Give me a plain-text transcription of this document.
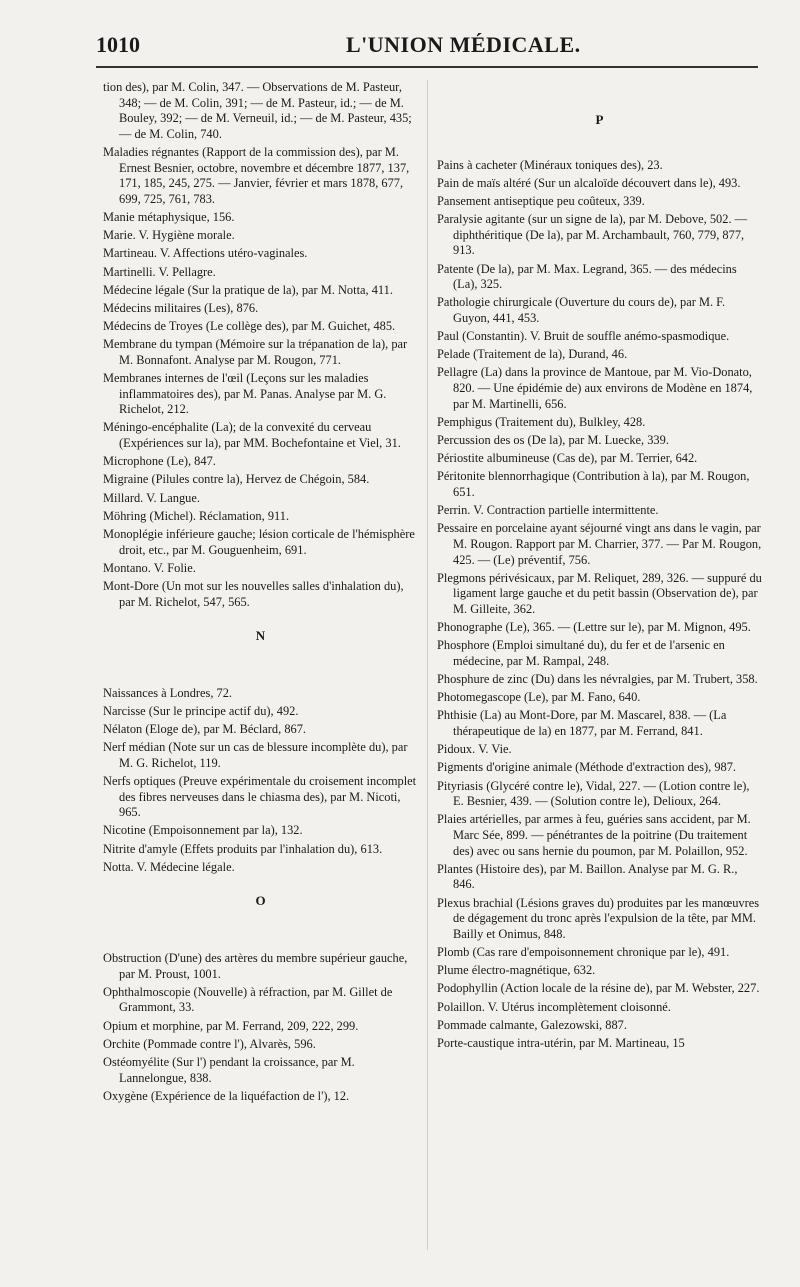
1010	L'UNION MÉDICALE.

tion des), par M. Colin, 347. — Observations de M. Pasteur, 348; — de M. Colin, 391; — de M. Pasteur, id.; — de M. Bouley, 392; — de M. Verneuil, id.; — de M. Pasteur, 435; — de M. Colin, 740.

Maladies régnantes (Rapport de la commission des), par M. Ernest Besnier, octobre, novembre et décembre 1877, 137, 171, 185, 245, 275. — Janvier, février et mars 1878, 677, 699, 725, 761, 783.

Manie métaphysique, 156.

Marie. V. Hygiène morale.

Martineau. V. Affections utéro-vaginales.

Martinelli. V. Pellagre.

Médecine légale (Sur la pratique de la), par M. Notta, 411.

Médecins militaires (Les), 876.

Médecins de Troyes (Le collège des), par M. Guichet, 485.

Membrane du tympan (Mémoire sur la trépanation de la), par M. Bonnafont. Analyse par M. Rougon, 771.

Membranes internes de l'œil (Leçons sur les maladies inflammatoires des), par M. Panas. Analyse par M. G. Richelot, 212.

Méningo-encéphalite (La); de la convexité du cerveau (Expériences sur la), par MM. Bochefontaine et Viel, 31.

Microphone (Le), 847.

Migraine (Pilules contre la), Hervez de Chégoin, 584.

Millard. V. Langue.

Möhring (Michel). Réclamation, 911.

Monoplégie inférieure gauche; lésion corticale de l'hémisphère droit, etc., par M. Gouguenheim, 691.

Montano. V. Folie.

Mont-Dore (Un mot sur les nouvelles salles d'inhalation du), par M. Richelot, 547, 565.

N

Naissances à Londres, 72.

Narcisse (Sur le principe actif du), 492.

Nélaton (Eloge de), par M. Béclard, 867.

Nerf médian (Note sur un cas de blessure incomplète du), par M. G. Richelot, 119.

Nerfs optiques (Preuve expérimentale du croisement incomplet des fibres nerveuses dans le chiasma des), par M. Nicoti, 965.

Nicotine (Empoisonnement par la), 132.

Nitrite d'amyle (Effets produits par l'inhalation du), 613.

Notta. V. Médecine légale.

O

Obstruction (D'une) des artères du membre supérieur gauche, par M. Proust, 1001.

Ophthalmoscopie (Nouvelle) à réfraction, par M. Gillet de Grammont, 33.

Opium et morphine, par M. Ferrand, 209, 222, 299.

Orchite (Pommade contre l'), Alvarès, 596.

Ostéomyélite (Sur l') pendant la croissance, par M. Lannelongue, 838.

Oxygène (Expérience de la liquéfaction de l'), 12.

P

Pains à cacheter (Minéraux toniques des), 23.

Pain de maïs altéré (Sur un alcaloïde découvert dans le), 493.

Pansement antiseptique peu coûteux, 339.

Paralysie agitante (sur un signe de la), par M. Debove, 502. — diphthéritique (De la), par M. Archambault, 760, 779, 877, 913.

Patente (De la), par M. Max. Legrand, 365. — des médecins (La), 325.

Pathologie chirurgicale (Ouverture du cours de), par M. F. Guyon, 441, 453.

Paul (Constantin). V. Bruit de souffle anémo-spasmodique.

Pelade (Traitement de la), Durand, 46.

Pellagre (La) dans la province de Mantoue, par M. Vio-Donato, 820. — Une épidémie de) aux environs de Modène en 1874, par M. Martinelli, 656.

Pemphigus (Traitement du), Bulkley, 428.

Percussion des os (De la), par M. Luecke, 339.

Périostite albumineuse (Cas de), par M. Terrier, 642.

Péritonite blennorrhagique (Contribution à la), par M. Rougon, 651.

Perrin. V. Contraction partielle intermittente.

Pessaire en porcelaine ayant séjourné vingt ans dans le vagin, par M. Rougon. Rapport par M. Charrier, 377. — Par M. Rougon, 425. — (Le) préventif, 756.

Plegmons périvésicaux, par M. Reliquet, 289, 326. — suppuré du ligament large gauche et du petit bassin (Observation de), par M. Gilleite, 362.

Phonographe (Le), 365. — (Lettre sur le), par M. Mignon, 495.

Phosphore (Emploi simultané du), du fer et de l'arsenic en médecine, par M. Rampal, 248.

Phosphure de zinc (Du) dans les névralgies, par M. Trubert, 358.

Photomegascope (Le), par M. Fano, 640.

Phthisie (La) au Mont-Dore, par M. Mascarel, 838. — (La thérapeutique de la) en 1877, par M. Ferrand, 841.

Pidoux. V. Vie.

Pigments d'origine animale (Méthode d'extraction des), 987.

Pityriasis (Glycéré contre le), Vidal, 227. — (Lotion contre le), E. Besnier, 439. — (Solution contre le), Delioux, 264.

Plaies artérielles, par armes à feu, guéries sans accident, par M. Marc Sée, 899. — pénétrantes de la poitrine (Du traitement des) avec ou sans hernie du poumon, par M. Polaillon, 952.

Plantes (Histoire des), par M. Baillon. Analyse par M. G. R., 846.

Plexus brachial (Lésions graves du) produites par les manœuvres de dégagement du tronc après l'expulsion de la tête, par MM. Bailly et Onimus, 848.

Plomb (Cas rare d'empoisonnement chronique par le), 491.

Plume électro-magnétique, 632.

Podophyllin (Action locale de la résine de), par M. Webster, 227.

Polaillon. V. Utérus incomplètement cloisonné.

Pommade calmante, Galezowski, 887.

Porte-caustique intra-utérin, par M. Martineau, 15
